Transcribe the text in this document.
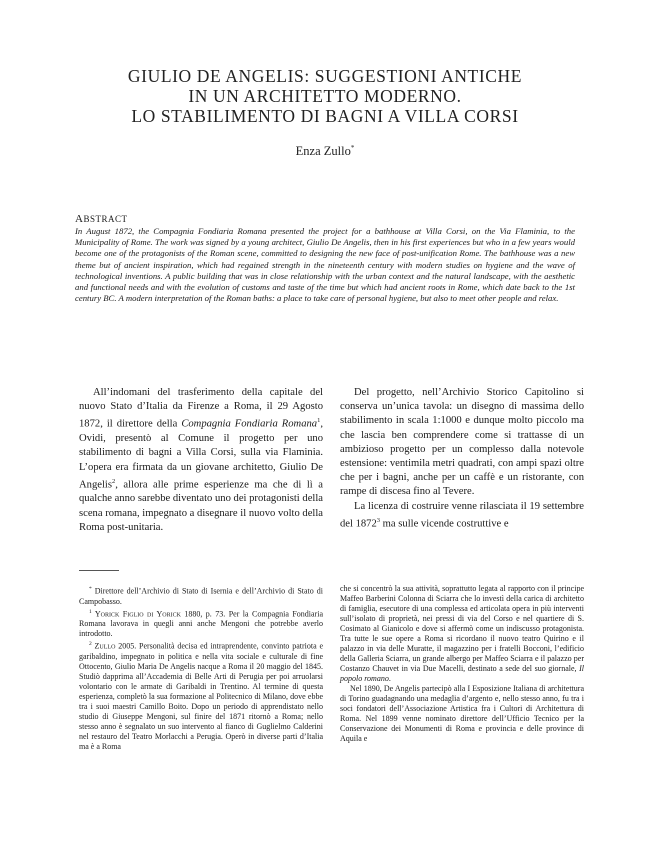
GIULIO DE ANGELIS: SUGGESTIONI ANTICHE
IN UN ARCHITETTO MODERNO.
LO STABILIMENTO DI BAGNI A VILLA CORSI
Enza Zullo*
ABSTRACT
In August 1872, the Compagnia Fondiaria Romana presented the project for a bathhouse at Villa Corsi, on the Via Flaminia, to the Municipality of Rome. The work was signed by a young architect, Giulio De Angelis, then in his first experiences but who in a few years would become one of the protagonists of the Roman scene, committed to designing the new face of post-unification Rome. The bathhouse was a new theme but of ancient inspiration, which had regained strength in the nineteenth century with modern studies on hygiene and the wave of technological inventions. A public building that was in close relationship with the urban context and the natural landscape, with the aesthetic and functional needs and with the evolution of customs and taste of the time but which had ancient roots in Rome, which date back to the 1st century BC. A modern interpretation of the Roman baths: a place to take care of personal hygiene, but also to meet other people and relax.

All’indomani del trasferimento della capitale del nuovo Stato d’Italia da Firenze a Roma, il 29 Agosto 1872, il direttore della Compagnia Fondiaria Romana$^1$, Ovidi, presentò al Comune il progetto per uno stabilimento di bagni a Villa Corsi, sulla via Flaminia. L’opera era firmata da un giovane architetto, Giulio De Angelis$^2$, allora alle prime esperienze ma che di lì a qualche anno sarebbe diventato uno dei protagonisti della scena romana, impegnato a disegnare il nuovo volto della Roma post-unitaria.

Del progetto, nell’Archivio Storico Capitolino si conserva un’unica tavola: un disegno di massima dello stabilimento in scala 1:1000 e dunque molto piccolo ma che lascia ben comprendere come si trattasse di un ambizioso progetto per un complesso dalla notevole estensione: ventimila metri quadrati, con ampi spazi oltre che per i bagni, anche per un caffè e un ristorante, con rampe di discesa fino al Tevere.

La licenza di costruire venne rilasciata il 19 settembre del 1872$^3$ ma sulle vicende costruttive e

* Direttore dell’Archivio di Stato di Isernia e dell’Archivio di Stato di Campobasso.

$^1$ Yorick Figlio di Yorick 1880, p. 73. Per la Compagnia Fondiaria Romana lavorava in quegli anni anche Mengoni che potrebbe averlo introdotto.

$^2$ Zullo 2005. Personalità decisa ed intraprendente, convinto patriota e garibaldino, impegnato in politica e nella vita sociale e culturale di fine Ottocento, Giulio Maria De Angelis nacque a Roma il 20 maggio del 1845. Studiò dapprima all’Accademia di Belle Arti di Perugia per poi arruolarsi volontario con le armate di Garibaldi in Trentino. Al termine di questa esperienza, completò la sua formazione al Politecnico di Milano, dove ebbe tra i suoi maestri Camillo Boito. Dopo un periodo di apprendistato nello studio di Giuseppe Mengoni, sul finire del 1871 ritornò a Roma; nello stesso anno è segnalato un suo intervento al fianco di Guglielmo Calderini nel restauro del Teatro Morlacchi a Perugia. Operò in diverse parti d’Italia ma è a Roma

che si concentrò la sua attività, soprattutto legata al rapporto con il principe Maffeo Barberini Colonna di Sciarra che lo investì della carica di architetto di famiglia, esecutore di una complessa ed articolata opera in più interventi sull’isolato di proprietà, nei pressi di via del Corso e nel quartiere di S. Cosimato al Gianicolo e dove si affermò come un indiscusso protagonista. Tra tutte le sue opere a Roma si ricordano il nuovo teatro Quirino e il palazzo in via delle Muratte, il magazzino per i fratelli Bocconi, l’edificio della Galleria Sciarra, un grande albergo per Maffeo Sciarra e il palazzo per Costanzo Chauvet in via Due Macelli, destinato a sede del suo giornale, Il popolo romano.

Nel 1890, De Angelis partecipò alla I Esposizione Italiana di architettura di Torino guadagnando una medaglia d’argento e, nello stesso anno, fu tra i soci fondatori dell’Associazione Artistica fra i Cultori di Architettura di Roma. Nel 1899 venne nominato direttore dell’Ufficio Tecnico per la Conservazione dei Monumenti di Roma e provincia e delle province di Aquila e
